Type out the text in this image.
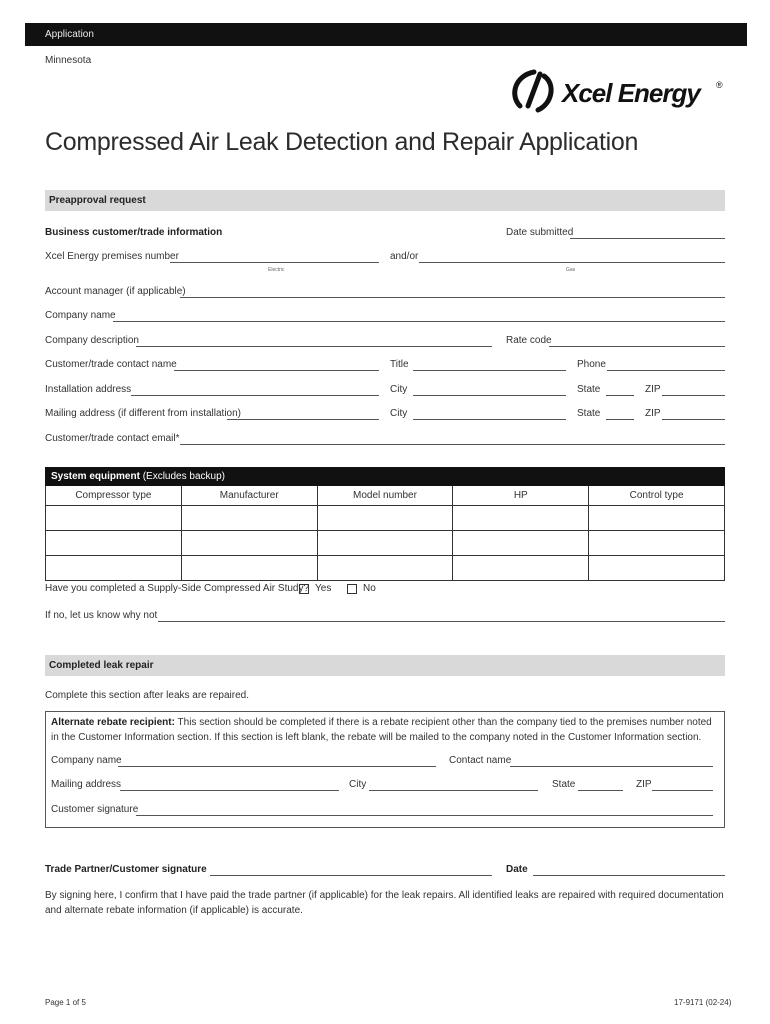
Application
Minnesota
Xcel Energy ®
Compressed Air Leak Detection and Repair Application
Preapproval request
Business customer/trade information	Date submitted
Xcel Energy premises number
Electric
and/or
Gas
Account manager (if applicable)
Company name
Company description	Rate code
Customer/trade contact name	Title	Phone
Installation address	City	State	ZIP
Mailing address (if different from installation)	City	State	ZIP
Customer/trade contact email*
System equipment (Excludes backup)
Compressor type	Manufacturer	Model number	HP	Control type

Have you completed a Supply-Side Compressed Air Study? Yes	No
If no, let us know why not
Completed leak repair
Complete this section after leaks are repaired.
Alternate rebate recipient: This section should be completed if there is a rebate recipient other than the company tied to the premises number noted in the Customer Information section. If this section is left blank, the rebate will be mailed to the company noted in the Customer Information section.
Company name	Contact name
Mailing address	City	State	ZIP
Customer signature
Trade Partner/Customer signature	Date
By signing here, I confirm that I have paid the trade partner (if applicable) for the leak repairs. All identified leaks are repaired with required documentation and alternate rebate information (if applicable) is accurate.
Page 1 of 5	17-9171 (02-24)
